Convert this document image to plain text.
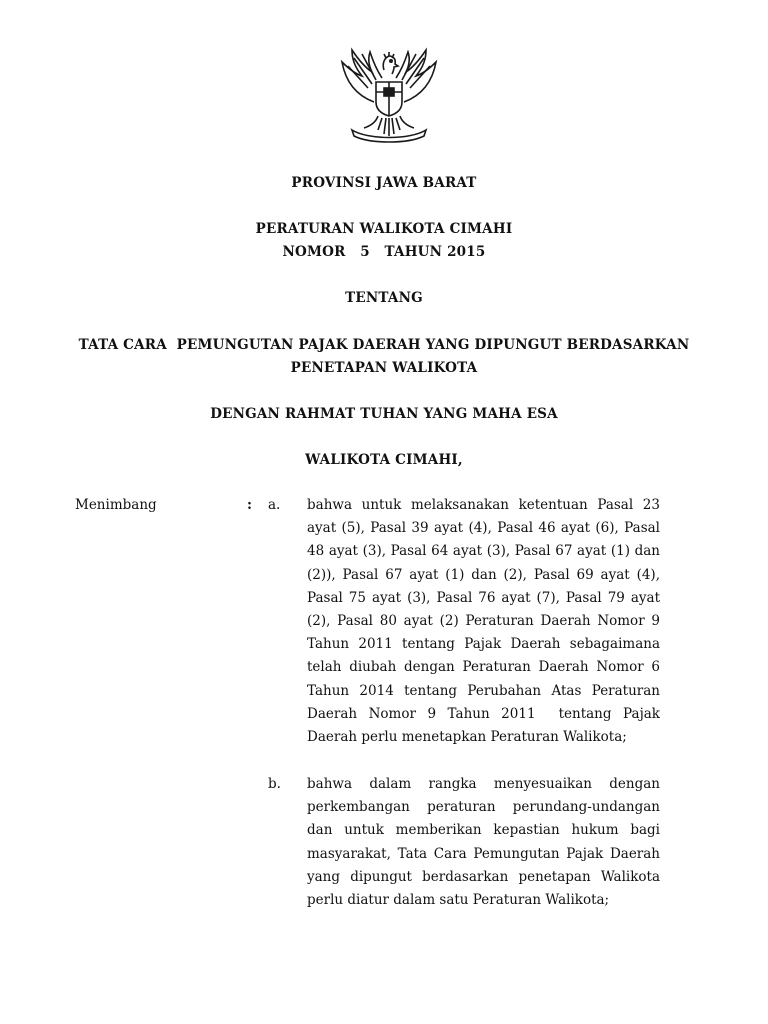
PROVINSI JAWA BARAT
PERATURAN WALIKOTA CIMAHI
NOMOR   5   TAHUN 2015
TENTANG
TATA CARA  PEMUNGUTAN PAJAK DAERAH YANG DIPUNGUT BERDASARKAN
PENETAPAN WALIKOTA
DENGAN RAHMAT TUHAN YANG MAHA ESA
WALIKOTA CIMAHI,
Menimbang	: a. bahwa untuk melaksanakan ketentuan Pasal 23 ayat (5), Pasal 39 ayat (4), Pasal 46 ayat (6), Pasal 48 ayat (3), Pasal 64 ayat (3), Pasal 67 ayat (1) dan (2)), Pasal 67 ayat (1) dan (2), Pasal 69 ayat (4), Pasal 75 ayat (3), Pasal 76 ayat (7), Pasal 79 ayat (2), Pasal 80 ayat (2) Peraturan Daerah Nomor 9 Tahun 2011 tentang Pajak Daerah sebagaimana telah diubah dengan Peraturan Daerah Nomor 6 Tahun 2014 tentang Perubahan Atas Peraturan Daerah Nomor 9 Tahun 2011  tentang Pajak Daerah perlu menetapkan Peraturan Walikota;

b. bahwa dalam rangka menyesuaikan dengan perkembangan peraturan perundang-undangan dan untuk memberikan kepastian hukum bagi masyarakat, Tata Cara Pemungutan Pajak Daerah yang dipungut berdasarkan penetapan Walikota perlu diatur dalam satu Peraturan Walikota;
